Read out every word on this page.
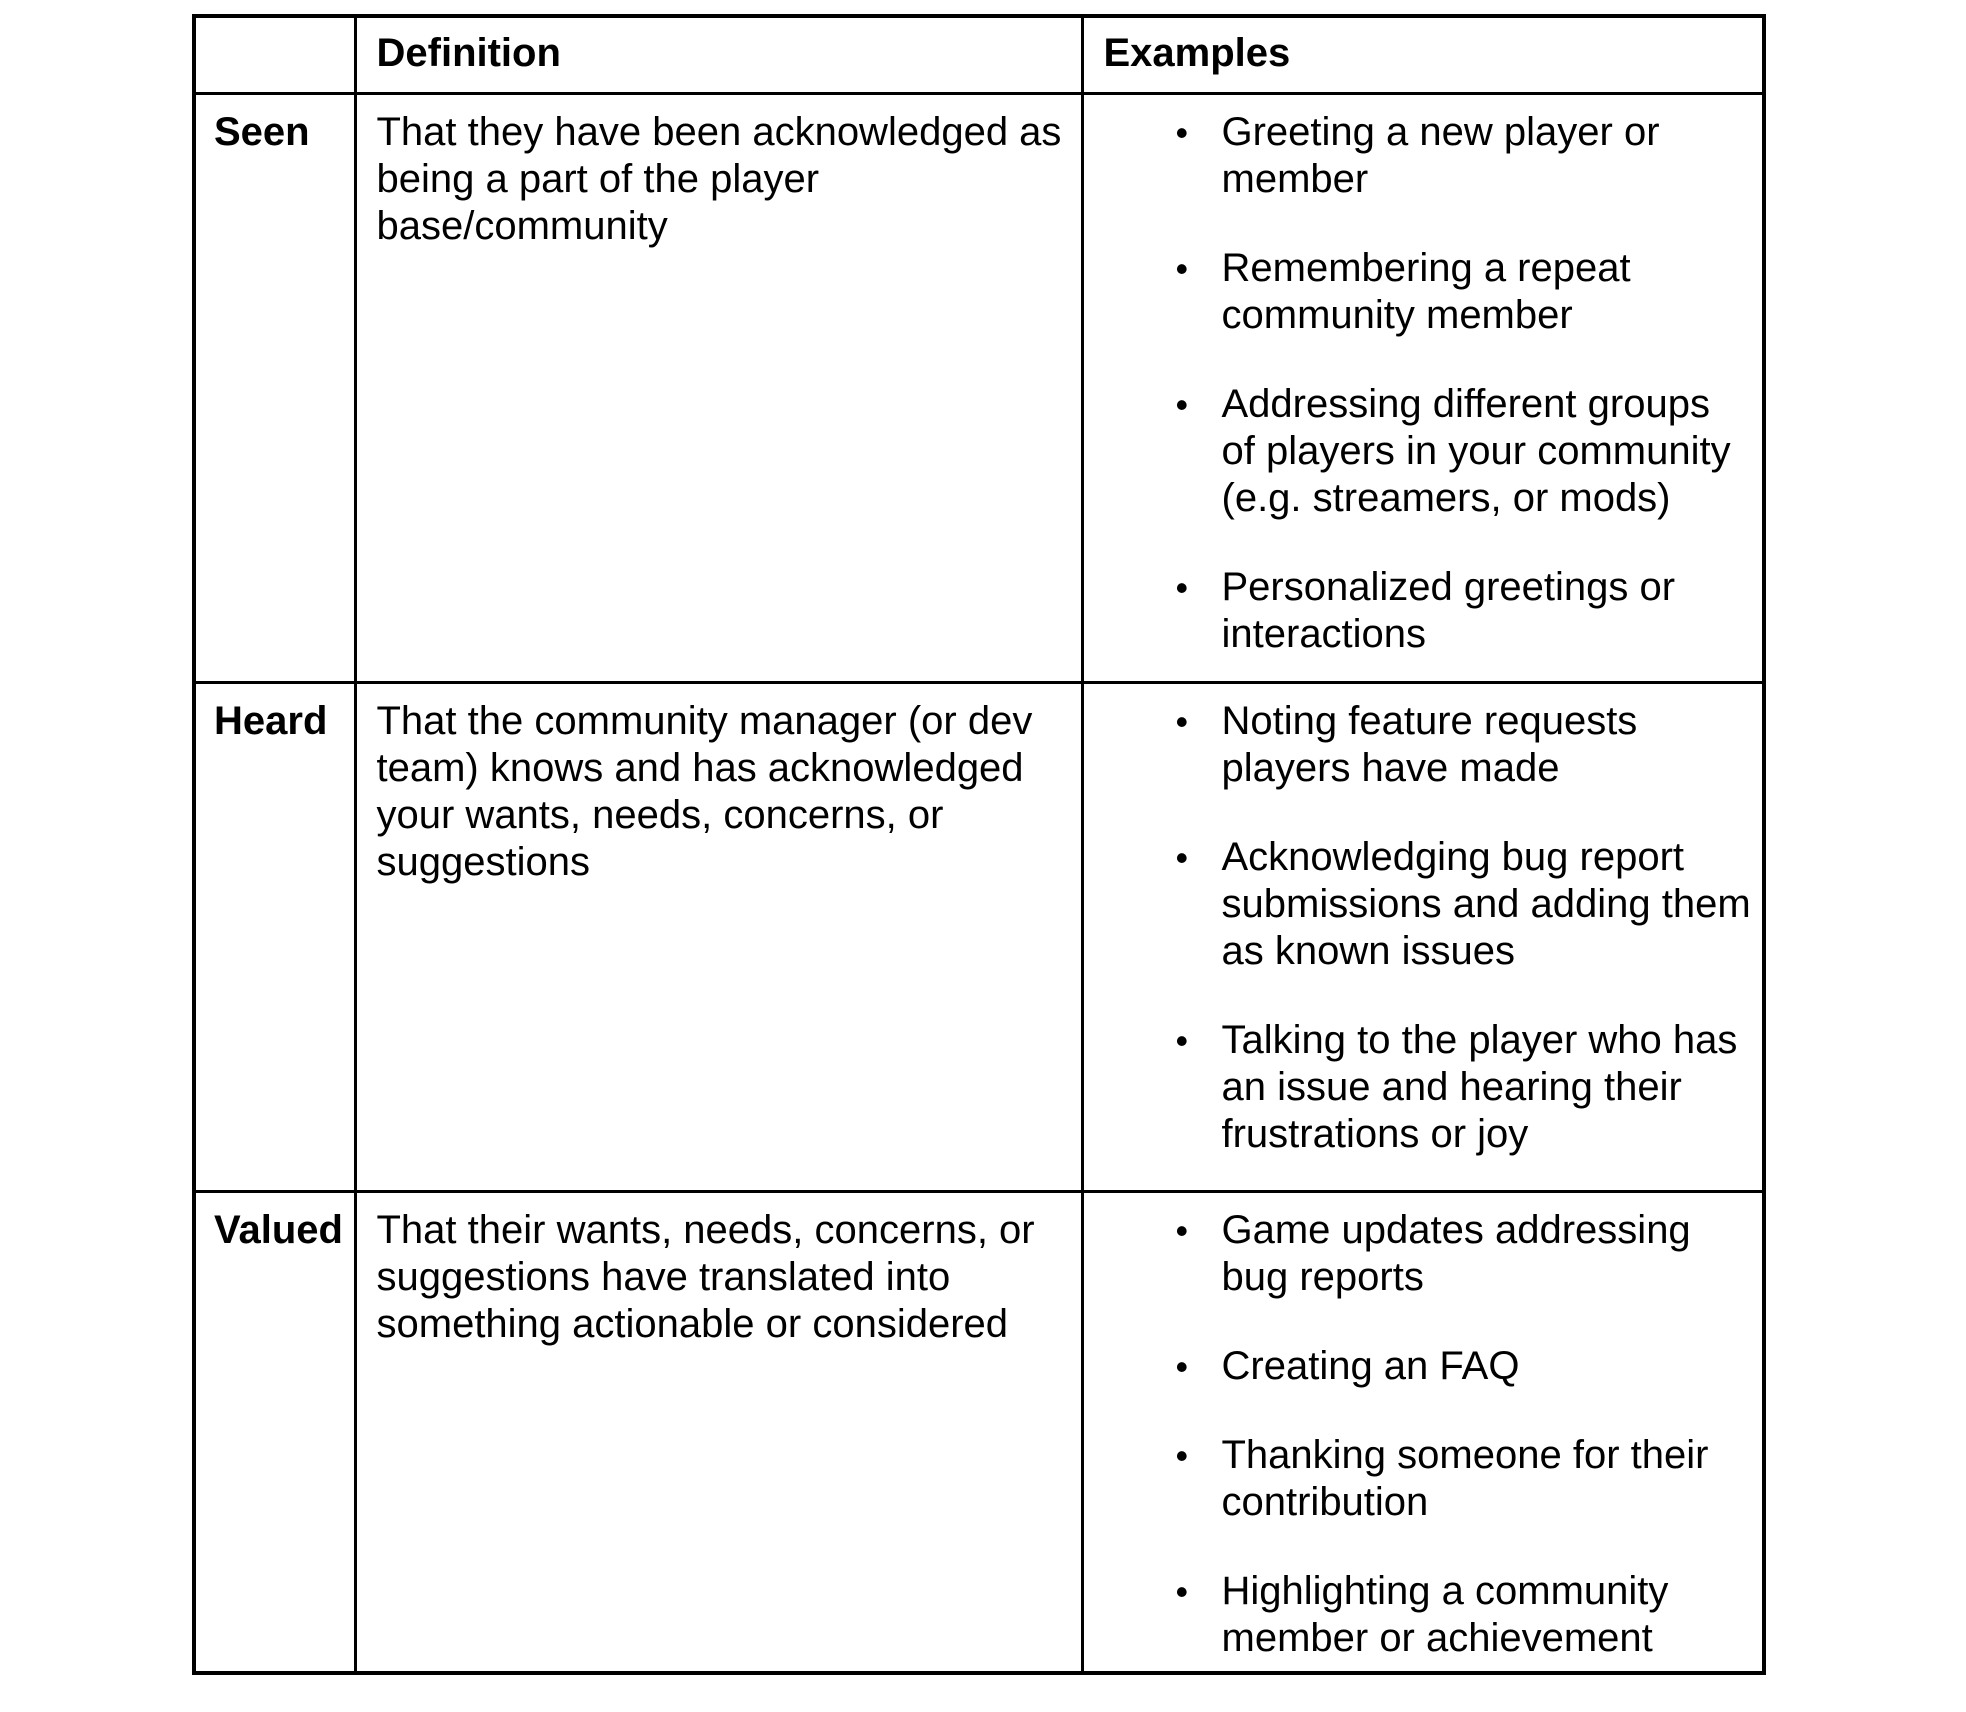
	Definition	Examples
Seen	That they have been acknowledged as being a part of the player base/community	
• Greeting a new player or member
• Remembering a repeat community member
• Addressing different groups of players in your community (e.g. streamers, or mods)
• Personalized greetings or interactions

Heard	That the community manager (or dev team) knows and has acknowledged your wants, needs, concerns, or suggestions	
• Noting feature requests players have made
• Acknowledging bug report submissions and adding them as known issues
• Talking to the player who has an issue and hearing their frustrations or joy

Valued	That their wants, needs, concerns, or suggestions have translated into something actionable or considered	
• Game updates addressing bug reports
• Creating an FAQ
• Thanking someone for their contribution
• Highlighting a community member or achievement
